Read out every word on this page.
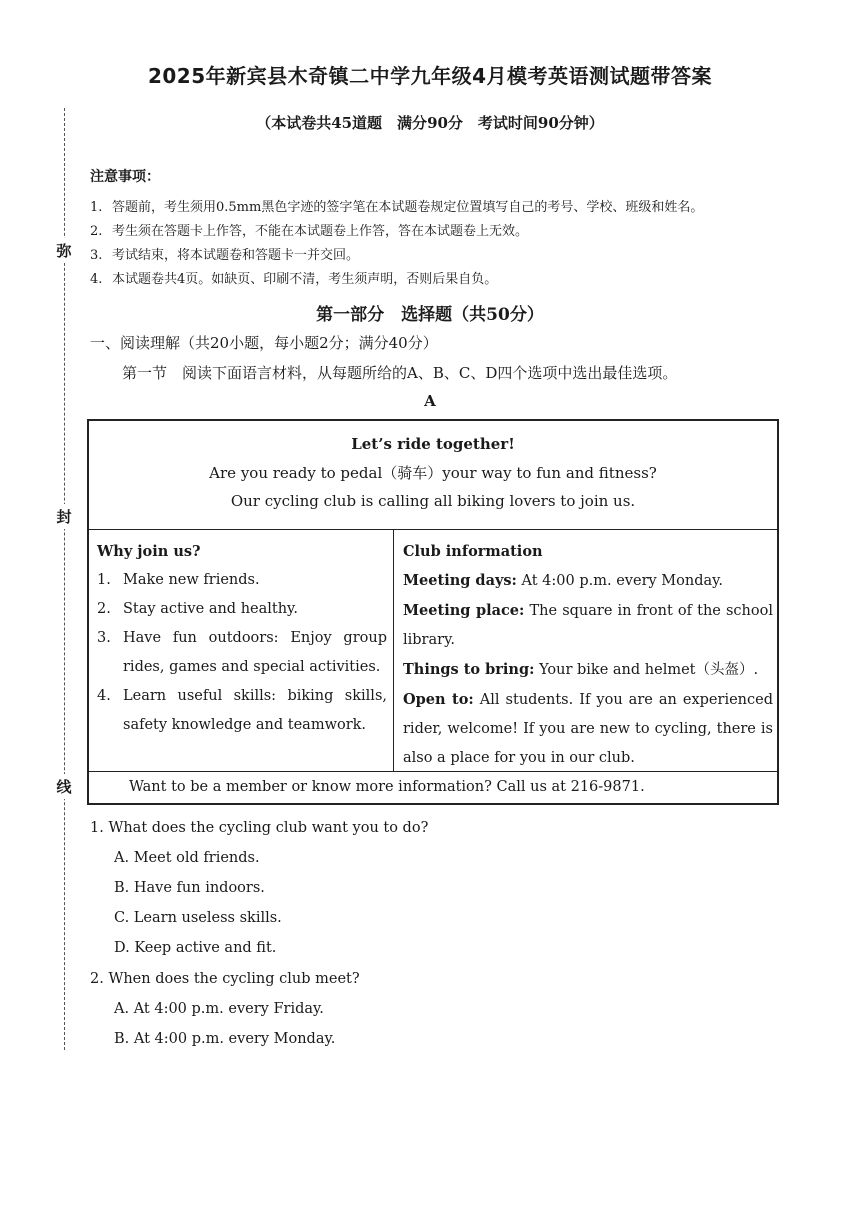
2025年新宾县木奇镇二中学九年级4月模考英语测试题带答案
（本试卷共45道题　满分90分　考试时间90分钟）
弥
封
线
注意事项：
1. 答题前，考生须用0.5mm黑色字迹的签字笔在本试题卷规定位置填写自己的考号、学校、班级和姓名。
2. 考生须在答题卡上作答，不能在本试题卷上作答，答在本试题卷上无效。
3. 考试结束，将本试题卷和答题卡一并交回。
4. 本试题卷共4页。如缺页、印刷不清，考生须声明，否则后果自负。
第一部分　选择题（共50分）
一、阅读理解（共20小题，每小题2分；满分40分）
第一节　阅读下面语言材料，从每题所给的A、B、C、D四个选项中选出最佳选项。
A
Let’s ride together!
Are you ready to pedal（骑车）your way to fun and fitness?
Our cycling club is calling all biking lovers to join us.
Why join us?
1. Make new friends.
2. Stay active and healthy.
3. Have fun outdoors: Enjoy group rides, games and special activities.
4. Learn useful skills: biking skills, safety knowledge and teamwork.
Club information
Meeting days: At 4:00 p.m. every Monday.
Meeting place: The square in front of the school library.
Things to bring: Your bike and helmet（头盔）.
Open to: All students. If you are an experienced rider, welcome! If you are new to cycling, there is also a place for you in our club.
Want to be a member or know more information? Call us at 216-9871.
1. What does the cycling club want you to do?
A. Meet old friends.
B. Have fun indoors.
C. Learn useless skills.
D. Keep active and fit.
2. When does the cycling club meet?
A. At 4:00 p.m. every Friday.
B. At 4:00 p.m. every Monday.
